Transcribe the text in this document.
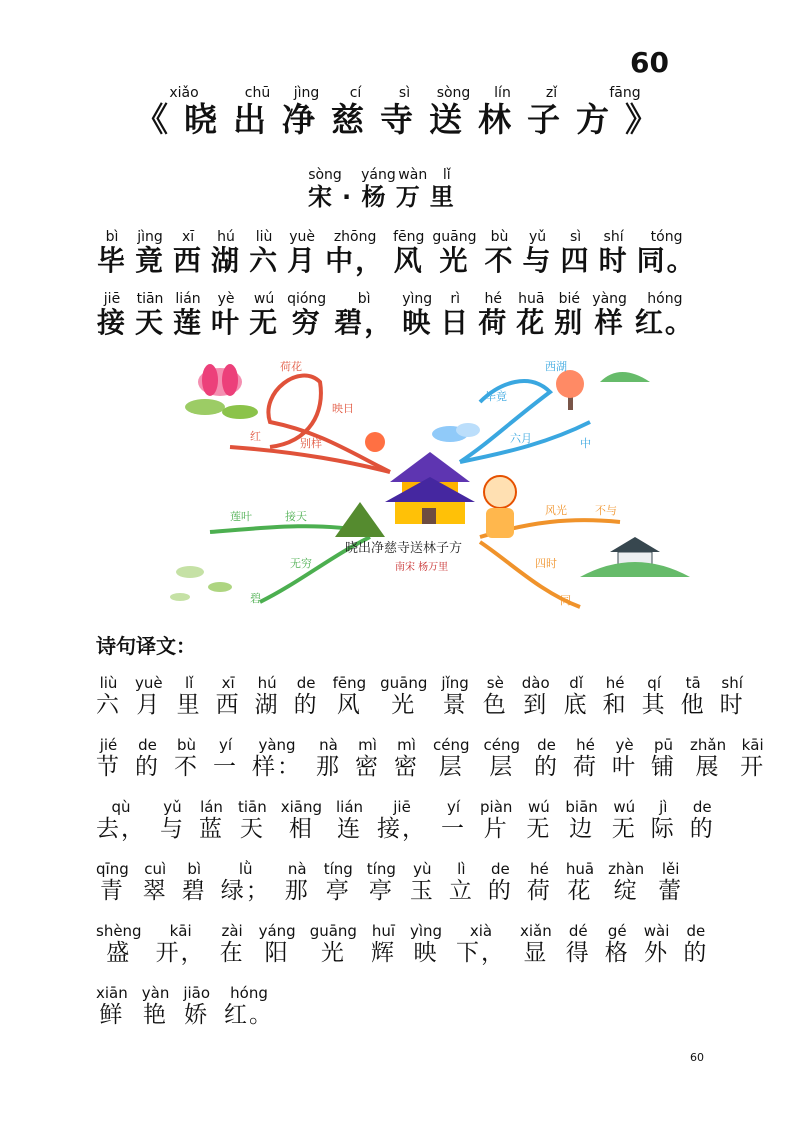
60
《晓xiǎo出chū净jìng慈cí寺sì送sòng林lín子zǐ方》fāng
宋sòng·杨yáng万wàn里lǐ
毕bì竟jìng西xī湖hú六liù月yuè中，zhōng风fēng光guāng不bù与yǔ四sì时shí同。tóng
接jiē天tiān莲lián叶yè无wú穷qióng碧，bì映yìng日rì荷hé花huā别bié样yàng红。hóng
荷花
映日
红
别样
西湖
毕竟
六月	中
莲叶	接天
无穷
碧
风光	不与
四时
同
晓出净慈寺送林子方
南宋 杨万里
诗句译文：
六liù月yuè里lǐ西xī湖hú的de风fēng光guāng景jǐng色sè到dào底dǐ和hé其qí他tā时shí
节jié的de不bù一yí样：yàng那nà密mì密mì层céng层céng的de荷hé叶yè铺pū展zhǎn开kāi
去，qù与yǔ蓝lán天tiān相xiāng连lián接，jiē一yí片piàn无wú边biān无wú际jì的de
青qīng翠cuì碧bì绿；lǜ那nà亭tíng亭tíng玉yù立lì的de荷hé花huā绽zhàn蕾lěi
盛shèng开，kāi在zài阳yáng光guāng辉huī映yìng下，xià显xiǎn得dé格gé外wài的de
鲜xiān艳yàn娇jiāo红。hóng
60
